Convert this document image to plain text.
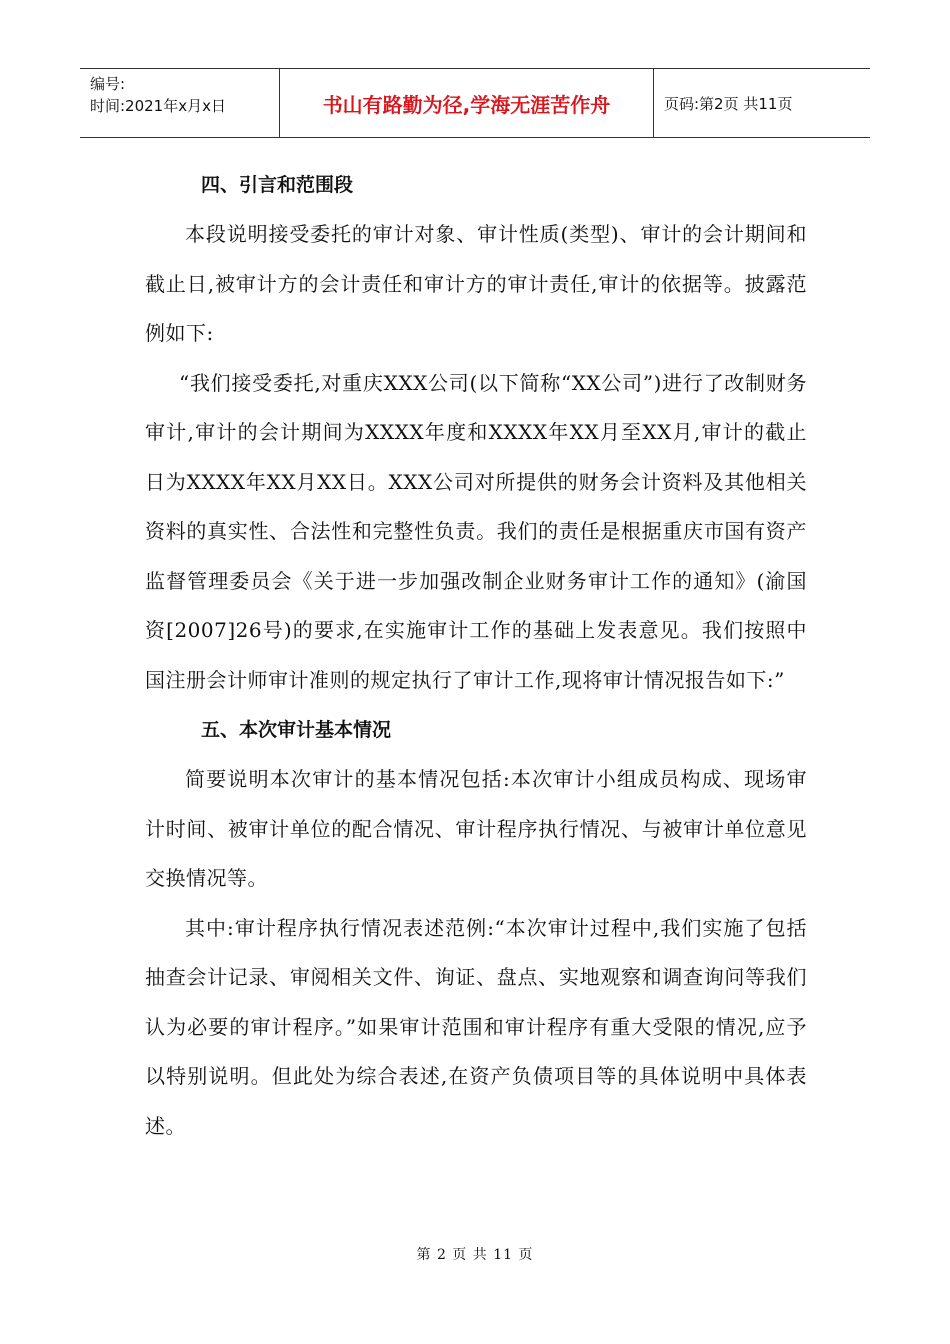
编号:
时间:2021年x月x日	书山有路勤为径,学海无涯苦作舟	页码:第2页 共11页
四、引言和范围段

本段说明接受委托的审计对象、审计性质(类型)、审计的会计期间和截止日,被审计方的会计责任和审计方的审计责任,审计的依据等。披露范例如下:

“我们接受委托,对重庆XXX公司(以下简称“XX公司”)进行了改制财务审计,审计的会计期间为XXXX年度和XXXX年XX月至XX月,审计的截止日为XXXX年XX月XX日。XXX公司对所提供的财务会计资料及其他相关资料的真实性、合法性和完整性负责。我们的责任是根据重庆市国有资产监督管理委员会《关于进一步加强改制企业财务审计工作的通知》(渝国资[2007]26号)的要求,在实施审计工作的基础上发表意见。我们按照中国注册会计师审计准则的规定执行了审计工作,现将审计情况报告如下:”

五、本次审计基本情况

简要说明本次审计的基本情况包括:本次审计小组成员构成、现场审计时间、被审计单位的配合情况、审计程序执行情况、与被审计单位意见交换情况等。

其中:审计程序执行情况表述范例:“本次审计过程中,我们实施了包括抽查会计记录、审阅相关文件、询证、盘点、实地观察和调查询问等我们认为必要的审计程序。”如果审计范围和审计程序有重大受限的情况,应予以特别说明。但此处为综合表述,在资产负债项目等的具体说明中具体表述。

第 2 页 共 11 页
